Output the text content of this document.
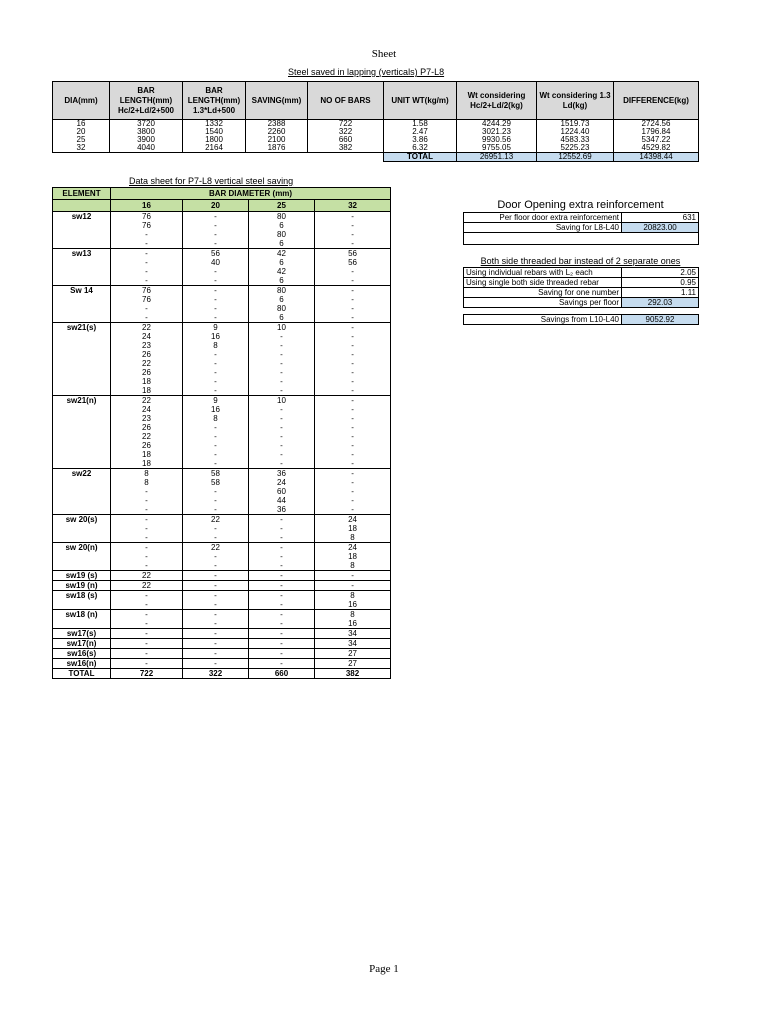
Sheet
Steel saved in lapping (verticals) P7-L8
DIA(mm)	BAR LENGTH(mm) Hc/2+Ld/2+500	BAR LENGTH(mm) 1.3*Ld+500	SAVING(mm)	NO OF BARS	UNIT WT(kg/m)	Wt considering Hc/2+Ld/2(kg)	Wt considering 1.3 Ld(kg)	DIFFERENCE(kg)
16	3720	1332	2388	722	1.58	4244.29	1519.73	2724.56
20	3800	1540	2260	322	2.47	3021.23	1224.40	1796.84
25	3900	1800	2100	660	3.86	9930.56	4583.33	5347.22
32	4040	2164	1876	382	6.32	9755.05	5225.23	4529.82
					TOTAL	26951.13	12552.69	14398.44
Data sheet for P7-L8 vertical steel saving
ELEMENT	BAR DIAMETER (mm)			
	16	20	25	32
sw12	76	-	80	-
	76	-	6	-
	-	-	80	-
	-	-	6	-
sw13	-	56	42	56
	-	40	6	56
	-	-	42	-
	-	-	6	-
Sw 14	76	-	80	-
	76	-	6	-
	-	-	80	-
	-	-	6	-
sw21(s)	22	9	10	-
	24	16	-	-
	23	8	-	-
	26	-	-	-
	22	-	-	-
	26	-	-	-
	18	-	-	-
	18	-	-	-
sw21(n)	22	9	10	-
	24	16	-	-
	23	8	-	-
	26	-	-	-
	22	-	-	-
	26	-	-	-
	18	-	-	-
	18	-	-	-
sw22	8	58	36	-
	8	58	24	-
	-	-	60	-
	-	-	44	-
	-	-	36	-
sw 20(s)	-	22	-	24
	-	-	-	18
	-	-	-	8
sw 20(n)	-	22	-	24
	-	-	-	18
	-	-	-	8
sw19 (s)	22	-	-	-
sw19 (n)	22	-	-	-
sw18 (s)	-	-	-	8
	-	-	-	16
sw18 (n)	-	-	-	8
	-	-	-	16
sw17(s)	-	-	-	34
sw17(n)	-	-	-	34
sw16(s)	-	-	-	27
sw16(n)	-	-	-	27
TOTAL	722	322	660	382
Door Opening extra reinforcement
Per floor door extra reinforcement	631
Saving for L8-L40	20823.00

Both side threaded bar instead of 2 separate ones
Using individual rebars with L₂ each	2.05
Using single both side threaded rebar	0.95
Saving for one number	1.11
Savings per floor	292.03

Savings from L10-L40	9052.92
Page 1
